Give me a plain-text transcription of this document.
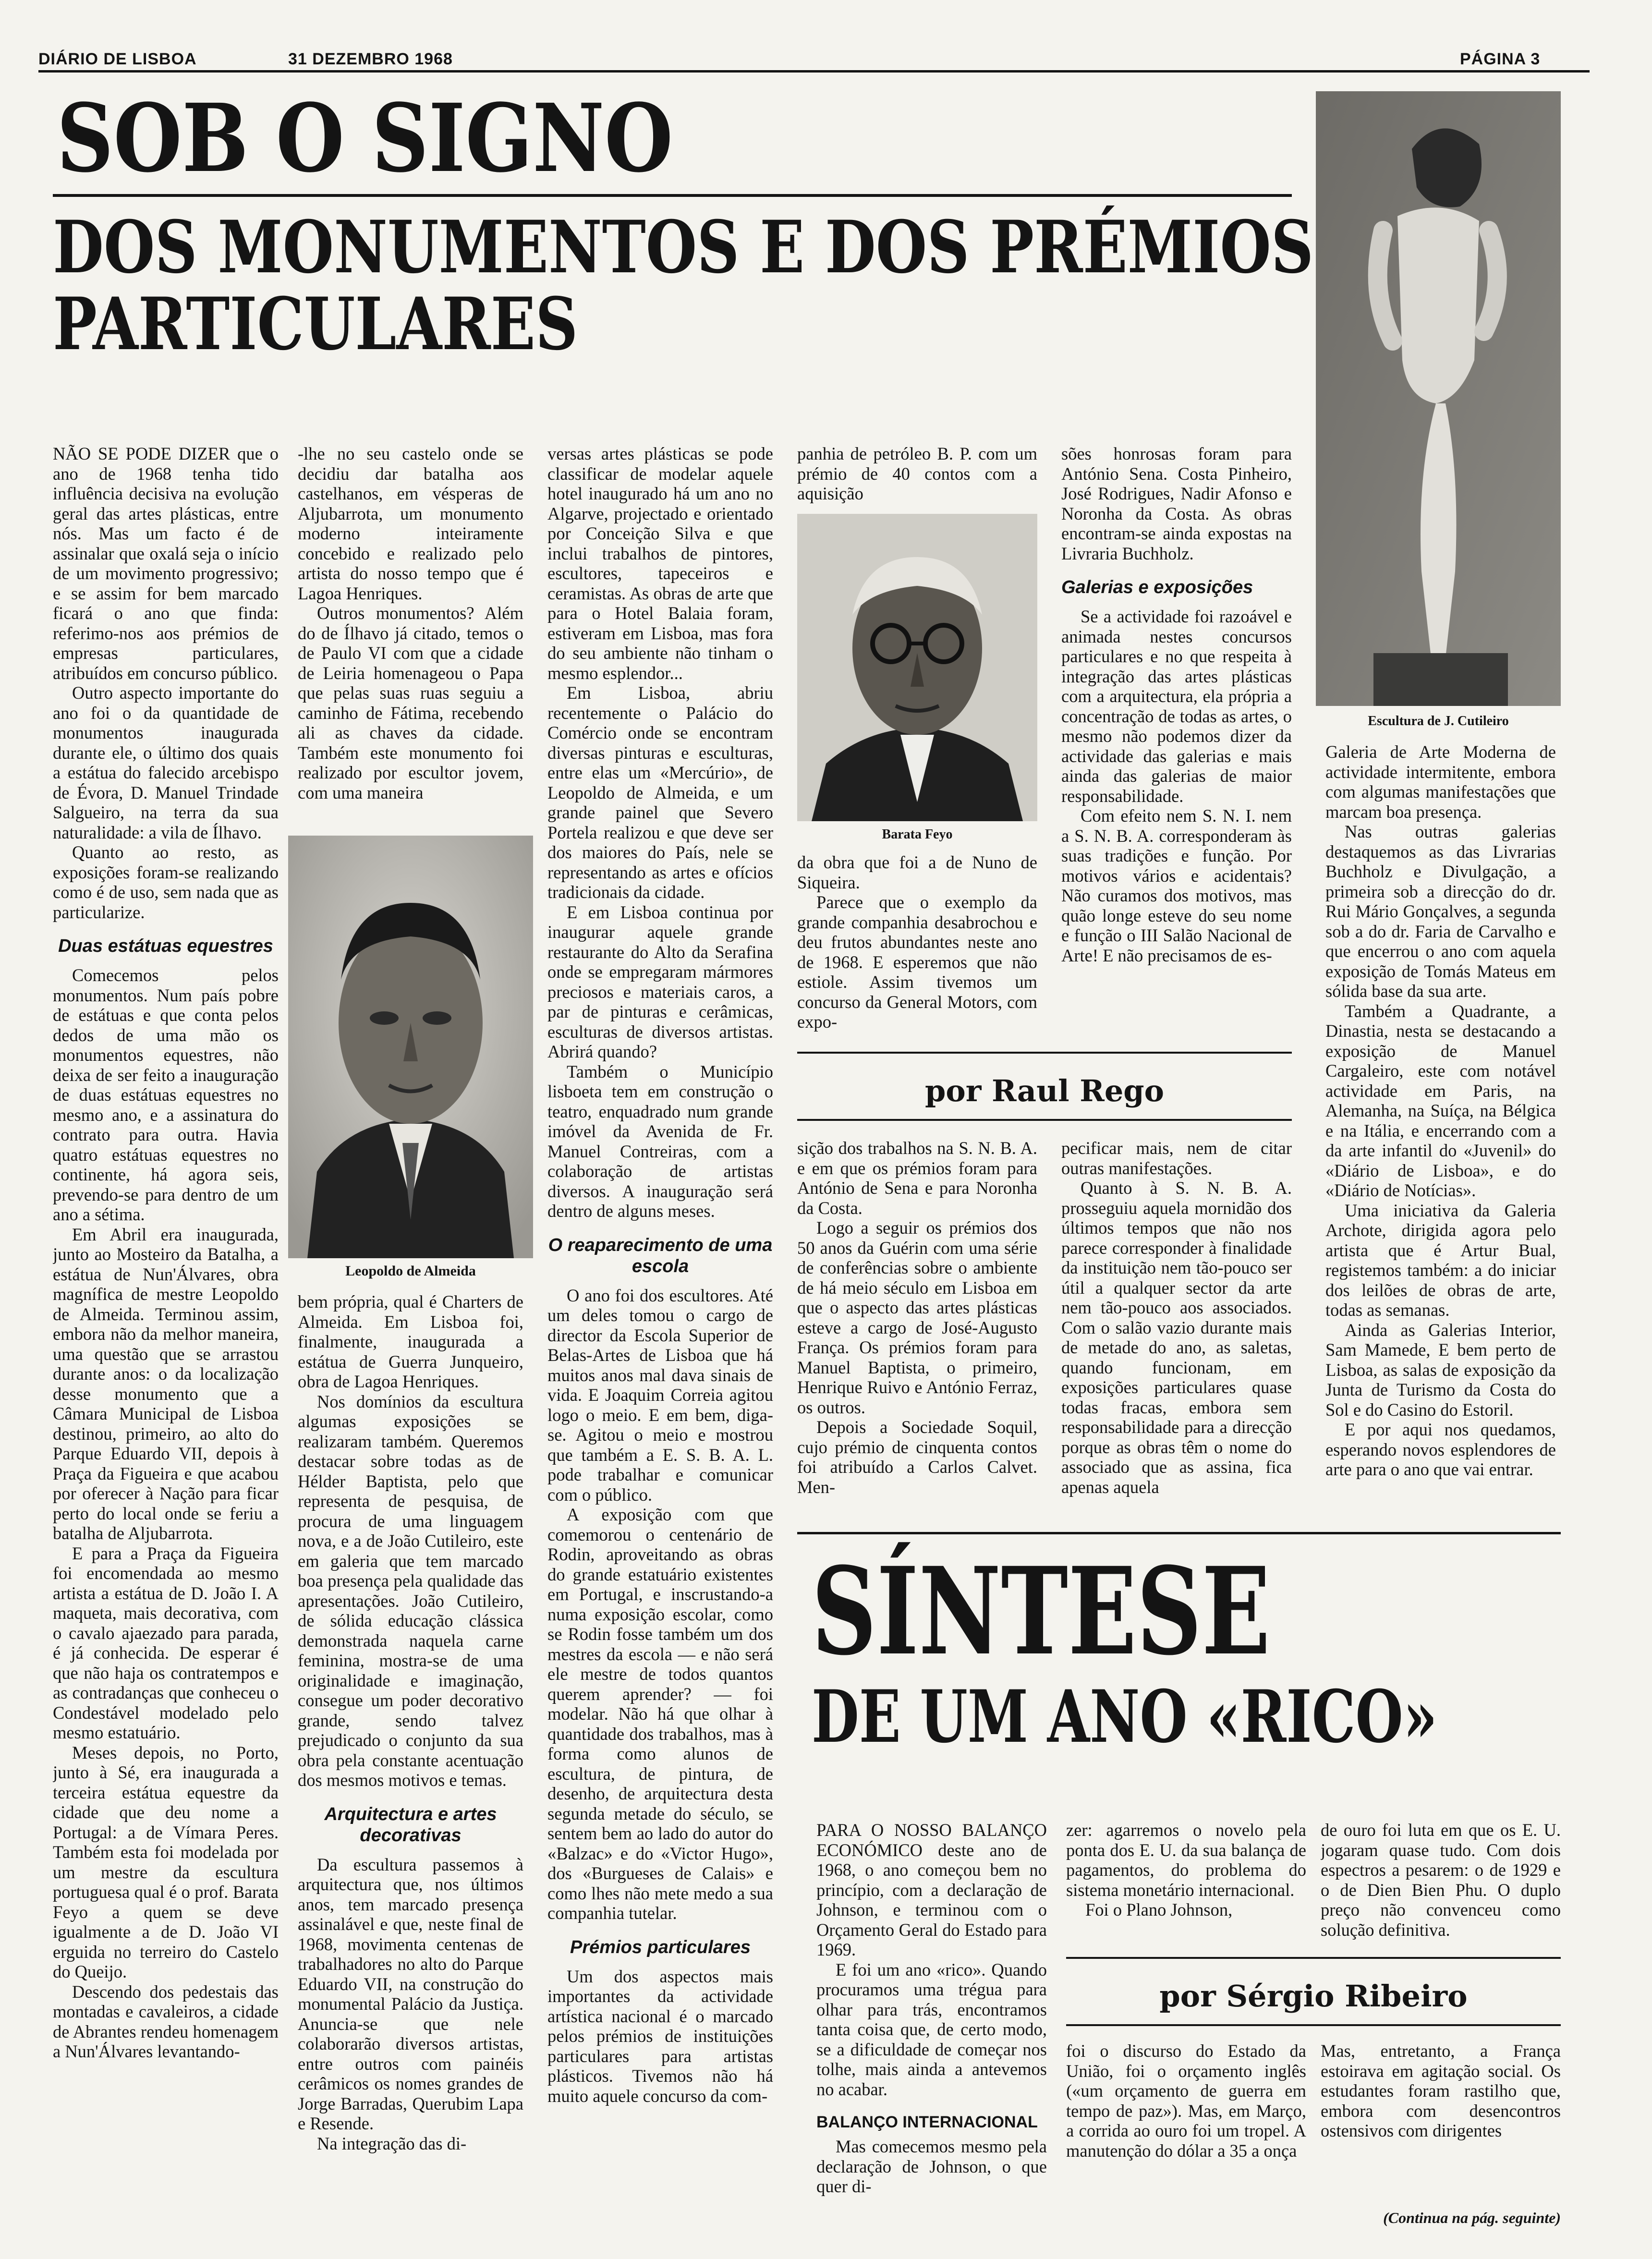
DIÁRIO DE LISBOA	31 DEZEMBRO 1968	PÁGINA 3
SOB O SIGNO
DOS MONUMENTOS E DOS PRÉMIOS
PARTICULARES

NÃO SE PODE DIZER que o ano de 1968 tenha tido influência decisiva na evolução geral das artes plásticas, entre nós. Mas um facto é de assinalar que oxalá seja o início de um movimento progressivo; e se assim for bem marcado ficará o ano que finda: referimo-nos aos prémios de empresas particulares, atribuídos em concurso público.

Outro aspecto importante do ano foi o da quantidade de monumentos inaugurada durante ele, o último dos quais a estátua do falecido arcebispo de Évora, D. Manuel Trindade Salgueiro, na terra da sua naturalidade: a vila de Ílhavo.

Quanto ao resto, as exposições foram-se realizando como é de uso, sem nada que as particularize.

Duas estátuas equestres

Comecemos pelos monumentos. Num país pobre de estátuas e que conta pelos dedos de uma mão os monumentos equestres, não deixa de ser feito a inauguração de duas estátuas equestres no mesmo ano, e a assinatura do contrato para outra. Havia quatro estátuas equestres no continente, há agora seis, prevendo-se para dentro de um ano a sétima.

Em Abril era inaugurada, junto ao Mosteiro da Batalha, a estátua de Nun'Álvares, obra magnífica de mestre Leopoldo de Almeida. Terminou assim, embora não da melhor maneira, uma questão que se arrastou durante anos: o da localização desse monumento que a Câmara Municipal de Lisboa destinou, primeiro, ao alto do Parque Eduardo VII, depois à Praça da Figueira e que acabou por oferecer à Nação para ficar perto do local onde se feriu a batalha de Aljubarrota.

E para a Praça da Figueira foi encomendada ao mesmo artista a estátua de D. João I. A maqueta, mais decorativa, com o cavalo ajaezado para parada, é já conhecida. De esperar é que não haja os contratempos e as contradanças que conheceu o Condestável modelado pelo mesmo estatuário.

Meses depois, no Porto, junto à Sé, era inaugurada a terceira estátua equestre da cidade que deu nome a Portugal: a de Vímara Peres. Também esta foi modelada por um mestre da escultura portuguesa qual é o prof. Barata Feyo a quem se deve igualmente a de D. João VI erguida no terreiro do Castelo do Queijo.

Descendo dos pedestais das montadas e cavaleiros, a cidade de Abrantes rendeu homenagem a Nun'Álvares levantando-

-lhe no seu castelo onde se decidiu dar batalha aos castelhanos, em vésperas de Aljubarrota, um monumento moderno inteiramente concebido e realizado pelo artista do nosso tempo que é Lagoa Henriques.

Outros monumentos? Além do de Ílhavo já citado, temos o de Paulo VI com que a cidade de Leiria homenageou o Papa que pelas suas ruas seguiu a caminho de Fátima, recebendo ali as chaves da cidade. Também este monumento foi realizado por escultor jovem, com uma maneira

Leopoldo de Almeida

bem própria, qual é Charters de Almeida. Em Lisboa foi, finalmente, inaugurada a estátua de Guerra Junqueiro, obra de Lagoa Henriques.

Nos domínios da escultura algumas exposições se realizaram também. Queremos destacar sobre todas as de Hélder Baptista, pelo que representa de pesquisa, de procura de uma linguagem nova, e a de João Cutileiro, este em galeria que tem marcado boa presença pela qualidade das apresentações. João Cutileiro, de sólida educação clássica demonstrada naquela carne feminina, mostra-se de uma originalidade e imaginação, consegue um poder decorativo grande, sendo talvez prejudicado o conjunto da sua obra pela constante acentuação dos mesmos motivos e temas.

Arquitectura e artes decorativas

Da escultura passemos à arquitectura que, nos últimos anos, tem marcado presença assinalável e que, neste final de 1968, movimenta centenas de trabalhadores no alto do Parque Eduardo VII, na construção do monumental Palácio da Justiça. Anuncia-se que nele colaborarão diversos artistas, entre outros com painéis cerâmicos os nomes grandes de Jorge Barradas, Querubim Lapa e Resende.

Na integração das di-

versas artes plásticas se pode classificar de modelar aquele hotel inaugurado há um ano no Algarve, projectado e orientado por Conceição Silva e que inclui trabalhos de pintores, escultores, tapeceiros e ceramistas. As obras de arte que para o Hotel Balaia foram, estiveram em Lisboa, mas fora do seu ambiente não tinham o mesmo esplendor...

Em Lisboa, abriu recentemente o Palácio do Comércio onde se encontram diversas pinturas e esculturas, entre elas um «Mercúrio», de Leopoldo de Almeida, e um grande painel que Severo Portela realizou e que deve ser dos maiores do País, nele se representando as artes e ofícios tradicionais da cidade.

E em Lisboa continua por inaugurar aquele grande restaurante do Alto da Serafina onde se empregaram mármores preciosos e materiais caros, a par de pinturas e cerâmicas, esculturas de diversos artistas. Abrirá quando?

Também o Município lisboeta tem em construção o teatro, enquadrado num grande imóvel da Avenida de Fr. Manuel Contreiras, com a colaboração de artistas diversos. A inauguração será dentro de alguns meses.

O reaparecimento de uma escola

O ano foi dos escultores. Até um deles tomou o cargo de director da Escola Superior de Belas-Artes de Lisboa que há muitos anos mal dava sinais de vida. E Joaquim Correia agitou logo o meio. E em bem, diga-se. Agitou o meio e mostrou que também a E. S. B. A. L. pode trabalhar e comunicar com o público.

A exposição com que comemorou o centenário de Rodin, aproveitando as obras do grande estatuário existentes em Portugal, e inscrustando-a numa exposição escolar, como se Rodin fosse também um dos mestres da escola — e não será ele mestre de todos quantos querem aprender? — foi modelar. Não há que olhar à quantidade dos trabalhos, mas à forma como alunos de escultura, de pintura, de desenho, de arquitectura desta segunda metade do século, se sentem bem ao lado do autor do «Balzac» e do «Victor Hugo», dos «Burgueses de Calais» e como lhes não mete medo a sua companhia tutelar.

Prémios particulares

Um dos aspectos mais importantes da actividade artística nacional é o marcado pelos prémios de instituições particulares para artistas plásticos. Tivemos não há muito aquele concurso da com-

panhia de petróleo B. P. com um prémio de 40 contos com a aquisição

Barata Feyo

da obra que foi a de Nuno de Siqueira.

Parece que o exemplo da grande companhia desabrochou e deu frutos abundantes neste ano de 1968. E esperemos que não estiole. Assim tivemos um concurso da General Motors, com expo-

sões honrosas foram para António Sena. Costa Pinheiro, José Rodrigues, Nadir Afonso e Noronha da Costa. As obras encontram-se ainda expostas na Livraria Buchholz.

Galerias e exposições

Se a actividade foi razoável e animada nestes concursos particulares e no que respeita à integração das artes plásticas com a arquitectura, ela própria a concentração de todas as artes, o mesmo não podemos dizer da actividade das galerias e mais ainda das galerias de maior responsabilidade.

Com efeito nem S. N. I. nem a S. N. B. A. corresponderam às suas tradições e função. Por motivos vários e acidentais? Não curamos dos motivos, mas quão longe esteve do seu nome e função o III Salão Nacional de Arte! E não precisamos de es-

Escultura de J. Cutileiro

Galeria de Arte Moderna de actividade intermitente, embora com algumas manifestações que marcam boa presença.

Nas outras galerias destaquemos as das Livrarias Buchholz e Divulgação, a primeira sob a direcção do dr. Rui Mário Gonçalves, a segunda sob a do dr. Faria de Carvalho e que encerrou o ano com aquela exposição de Tomás Mateus em sólida base da sua arte.

Também a Quadrante, a Dinastia, nesta se destacando a exposição de Manuel Cargaleiro, este com notável actividade em Paris, na Alemanha, na Suíça, na Bélgica e na Itália, e encerrando com a da arte infantil do «Juvenil» do «Diário de Lisboa», e do «Diário de Notícias».

Uma iniciativa da Galeria Archote, dirigida agora pelo artista que é Artur Bual, registemos também: a do iniciar dos leilões de obras de arte, todas as semanas.

Ainda as Galerias Interior, Sam Mamede, E bem perto de Lisboa, as salas de exposição da Junta de Turismo da Costa do Sol e do Casino do Estoril.

E por aqui nos quedamos, esperando novos esplendores de arte para o ano que vai entrar.

por Raul Rego

sição dos trabalhos na S. N. B. A. e em que os prémios foram para António de Sena e para Noronha da Costa.

Logo a seguir os prémios dos 50 anos da Guérin com uma série de conferências sobre o ambiente de há meio século em Lisboa em que o aspecto das artes plásticas esteve a cargo de José-Augusto França. Os prémios foram para Manuel Baptista, o primeiro, Henrique Ruivo e António Ferraz, os outros.

Depois a Sociedade Soquil, cujo prémio de cinquenta contos foi atribuído a Carlos Calvet. Men-

pecificar mais, nem de citar outras manifestações.

Quanto à S. N. B. A. prosseguiu aquela mornidão dos últimos tempos que não nos parece corresponder à finalidade da instituição nem tão-pouco ser útil a qualquer sector da arte nem tão-pouco aos associados. Com o salão vazio durante mais de metade do ano, as saletas, quando funcionam, em exposições particulares quase todas fracas, embora sem responsabilidade para a direcção porque as obras têm o nome do associado que as assina, fica apenas aquela

SÍNTESE
DE UM ANO «RICO»

PARA O NOSSO BALANÇO ECONÓMICO deste ano de 1968, o ano começou bem no princípio, com a declaração de Johnson, e terminou com o Orçamento Geral do Estado para 1969.

E foi um ano «rico». Quando procuramos uma trégua para olhar para trás, encontramos tanta coisa que, de certo modo, se a dificuldade de começar nos tolhe, mais ainda a antevemos no acabar.

BALANÇO INTERNACIONAL

Mas comecemos mesmo pela declaração de Johnson, o que quer di-

zer: agarremos o novelo pela ponta dos E. U. da sua balança de pagamentos, do problema do sistema monetário internacional.

Foi o Plano Johnson,

de ouro foi luta em que os E. U. jogaram quase tudo. Com dois espectros a pesarem: o de 1929 e o de Dien Bien Phu. O duplo preço não convenceu como solução definitiva.

por Sérgio Ribeiro

foi o discurso do Estado da União, foi o orçamento inglês («um orçamento de guerra em tempo de paz»). Mas, em Março, a corrida ao ouro foi um tropel. A manutenção do dólar a 35 a onça

Mas, entretanto, a França estoirava em agitação social. Os estudantes foram rastilho que, embora com desencontros ostensivos com dirigentes

(Continua na pág. seguinte)
